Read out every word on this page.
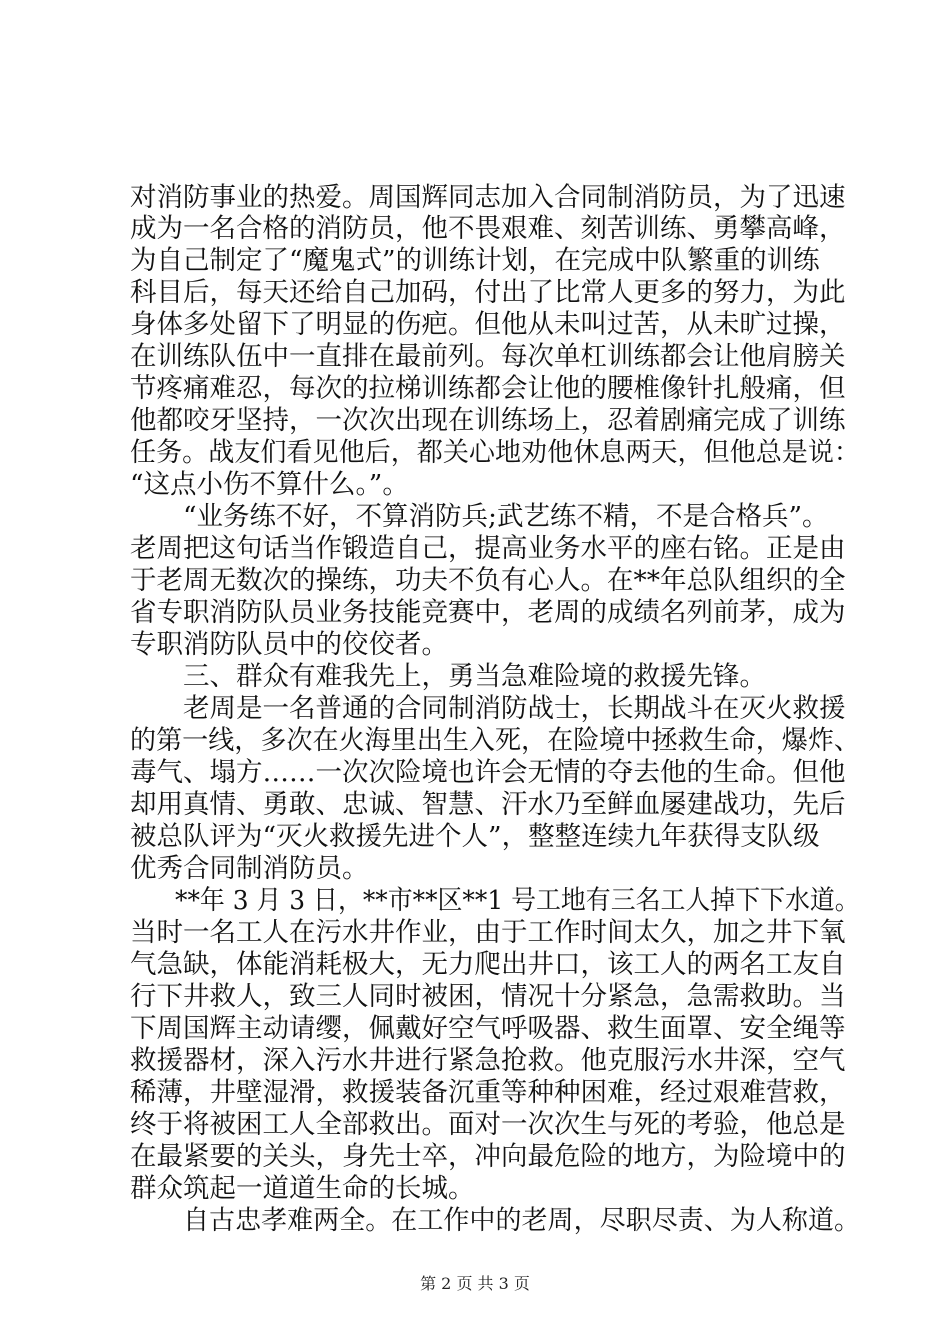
对消防事业的热爱。周国辉同志加入合同制消防员，为了迅速
成为一名合格的消防员，他不畏艰难、刻苦训练、勇攀高峰，
为自己制定了“魔鬼式”的训练计划，在完成中队繁重的训练
科目后，每天还给自己加码，付出了比常人更多的努力，为此
身体多处留下了明显的伤疤。但他从未叫过苦，从未旷过操，
在训练队伍中一直排在最前列。每次单杠训练都会让他肩膀关
节疼痛难忍，每次的拉梯训练都会让他的腰椎像针扎般痛，但
他都咬牙坚持，一次次出现在训练场上，忍着剧痛完成了训练
任务。战友们看见他后，都关心地劝他休息两天，但他总是说：
“这点小伤不算什么。”。
“业务练不好，不算消防兵;武艺练不精，不是合格兵”。
老周把这句话当作锻造自己，提高业务水平的座右铭。正是由
于老周无数次的操练，功夫不负有心人。在**年总队组织的全
省专职消防队员业务技能竞赛中，老周的成绩名列前茅，成为
专职消防队员中的佼佼者。
三、群众有难我先上，勇当急难险境的救援先锋。
老周是一名普通的合同制消防战士，长期战斗在灭火救援
的第一线，多次在火海里出生入死，在险境中拯救生命，爆炸、
毒气、塌方……一次次险境也许会无情的夺去他的生命。但他
却用真情、勇敢、忠诚、智慧、汗水乃至鲜血屡建战功，先后
被总队评为“灭火救援先进个人”，整整连续九年获得支队级
优秀合同制消防员。
**年 3 月 3 日，**市**区**1 号工地有三名工人掉下下水道。
当时一名工人在污水井作业，由于工作时间太久，加之井下氧
气急缺，体能消耗极大，无力爬出井口，该工人的两名工友自
行下井救人，致三人同时被困，情况十分紧急，急需救助。当
下周国辉主动请缨，佩戴好空气呼吸器、救生面罩、安全绳等
救援器材，深入污水井进行紧急抢救。他克服污水井深，空气
稀薄，井壁湿滑，救援装备沉重等种种困难，经过艰难营救，
终于将被困工人全部救出。面对一次次生与死的考验，他总是
在最紧要的关头，身先士卒，冲向最危险的地方，为险境中的
群众筑起一道道生命的长城。
自古忠孝难两全。在工作中的老周，尽职尽责、为人称道。
第 2 页 共 3 页
